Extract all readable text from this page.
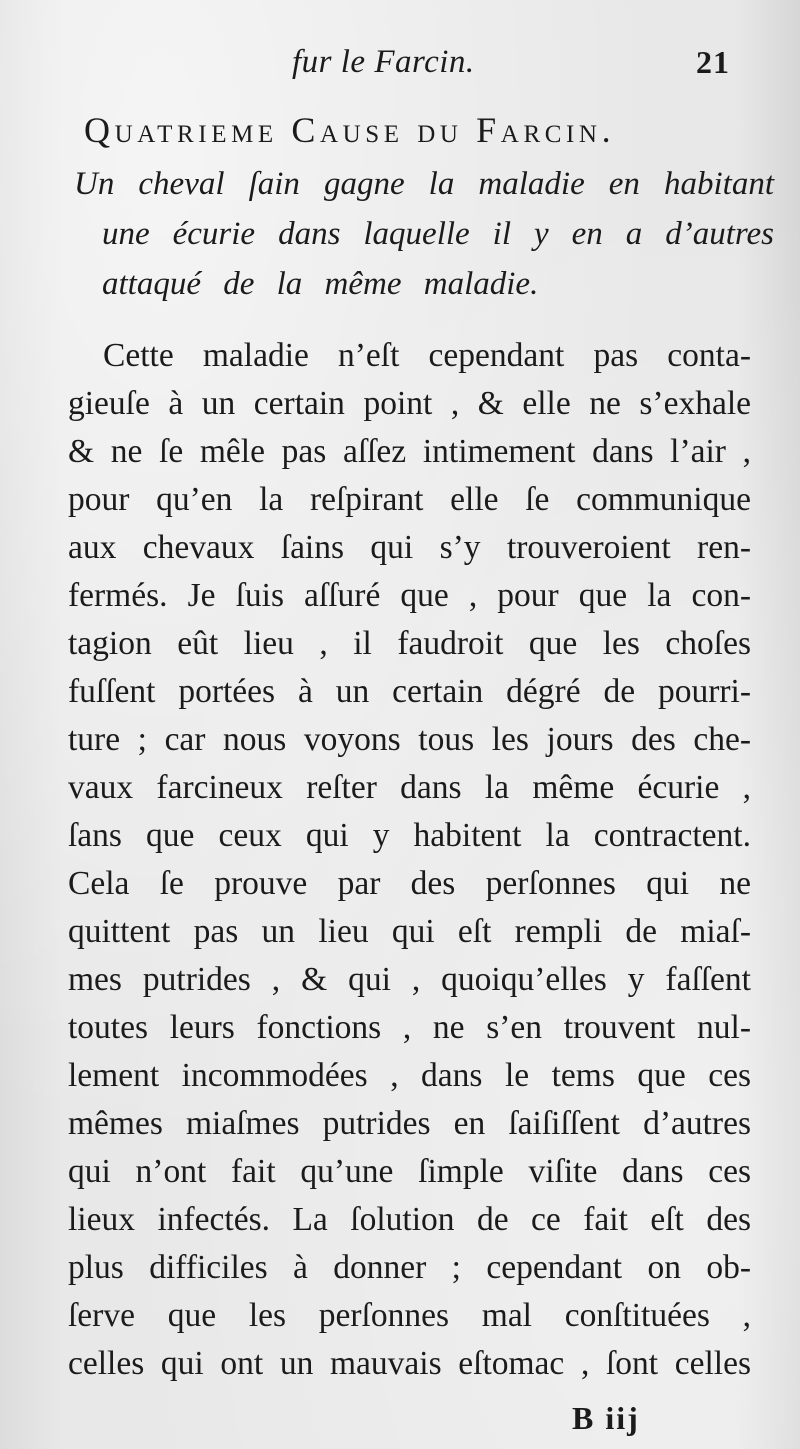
fur le Farcin.	21
Quatrieme Cause du Farcin.
Un cheval ſain gagne la maladie en habitant
une écurie dans laquelle il y en a d’autres
attaqué de la même maladie.
Cette maladie n’eſt cependant pas conta-
gieuſe à un certain point , & elle ne s’exhale
& ne ſe mêle pas aſſez intimement dans l’air ,
pour qu’en la reſpirant elle ſe communique
aux chevaux ſains qui s’y trouveroient ren-
fermés. Je ſuis aſſuré que , pour que la con-
tagion eût lieu , il faudroit que les choſes
fuſſent portées à un certain dégré de pourri-
ture ; car nous voyons tous les jours des che-
vaux farcineux reſter dans la même écurie ,
ſans que ceux qui y habitent la contractent.
Cela ſe prouve par des perſonnes qui ne
quittent pas un lieu qui eſt rempli de miaſ-
mes putrides , & qui , quoiqu’elles y faſſent
toutes leurs fonctions , ne s’en trouvent nul-
lement incommodées , dans le tems que ces
mêmes miaſmes putrides en ſaiſiſſent d’autres
qui n’ont fait qu’une ſimple viſite dans ces
lieux infectés. La ſolution de ce fait eſt des
plus difficiles à donner ; cependant on ob-
ſerve que les perſonnes mal conſtituées ,
celles qui ont un mauvais eſtomac , ſont celles
B iij
